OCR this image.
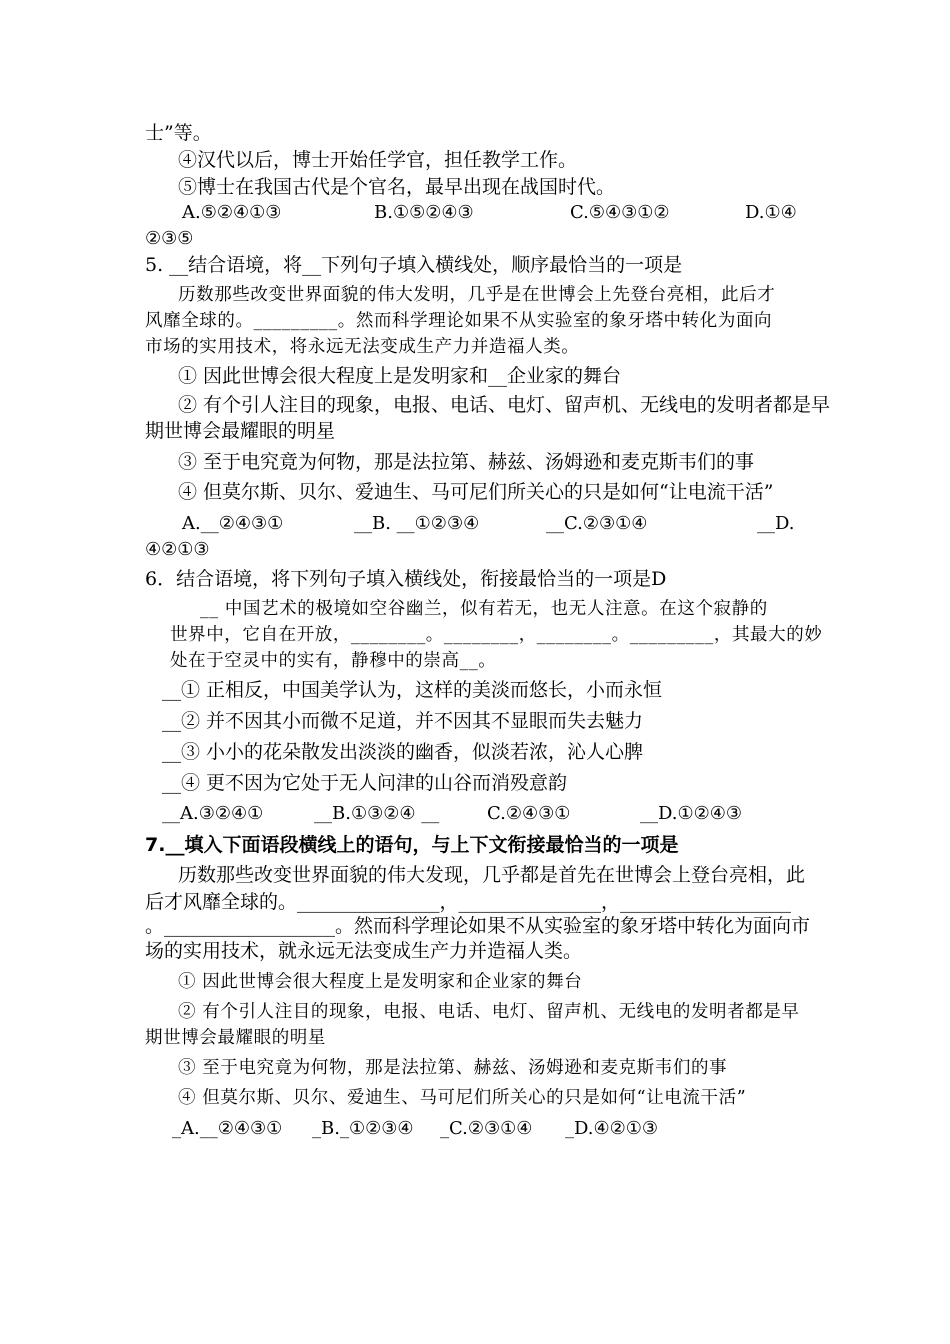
士”等。
④汉代以后，博士开始任学官，担任教学工作。
⑤博士在我国古代是个官名，最早出现在战国时代。
A.⑤②④①③	B.①⑤②④③	C.⑤④③①②	D.①④
②③⑤
5. __结合语境，将__下列句子填入横线处，顺序最恰当的一项是
历数那些改变世界面貌的伟大发明，几乎是在世博会上先登台亮相，此后才
风靡全球的。_________。然而科学理论如果不从实验室的象牙塔中转化为面向
市场的实用技术，将永远无法变成生产力并造福人类。
① 因此世博会很大程度上是发明家和__企业家的舞台
② 有个引人注目的现象，电报、电话、电灯、留声机、无线电的发明者都是早
期世博会最耀眼的明星
③ 至于电究竟为何物，那是法拉第、赫兹、汤姆逊和麦克斯韦们的事
④ 但莫尔斯、贝尔、爱迪生、马可尼们所关心的只是如何“让电流干活”
A.__②④③①	__B. __①②③④	__C.②③①④	__D.
④②①③
6．结合语境，将下列句子填入横线处，衔接最恰当的一项是D
__ 中国艺术的极境如空谷幽兰，似有若无，也无人注意。在这个寂静的
世界中，它自在开放，________。________，________。_________，其最大的妙
处在于空灵中的实有，静穆中的崇高__。
__① 正相反，中国美学认为，这样的美淡而悠长，小而永恒
__② 并不因其小而微不足道，并不因其不显眼而失去魅力
__③ 小小的花朵散发出淡淡的幽香，似淡若浓，沁人心脾
__④ 更不因为它处于无人问津的山谷而消殁意韵
__A.③②④①	__B.①③②④ __	C.②④③①	__D.①②④③
7.__填入下面语段横线上的语句，与上下文衔接最恰当的一项是
历数那些改变世界面貌的伟大发现，几乎都是首先在世博会上登台亮相，此
后才风靡全球的。_______________，_______________，__________________
。__________________。然而科学理论如果不从实验室的象牙塔中转化为面向市
场的实用技术，就永远无法变成生产力并造福人类。
① 因此世博会很大程度上是发明家和企业家的舞台
② 有个引人注目的现象，电报、电话、电灯、留声机、无线电的发明者都是早
期世博会最耀眼的明星
③ 至于电究竟为何物，那是法拉第、赫兹、汤姆逊和麦克斯韦们的事
④ 但莫尔斯、贝尔、爱迪生、马可尼们所关心的只是如何“让电流干活”
_A.__②④③① _B._①②③④ _C.②③①④ _D.④②①③
